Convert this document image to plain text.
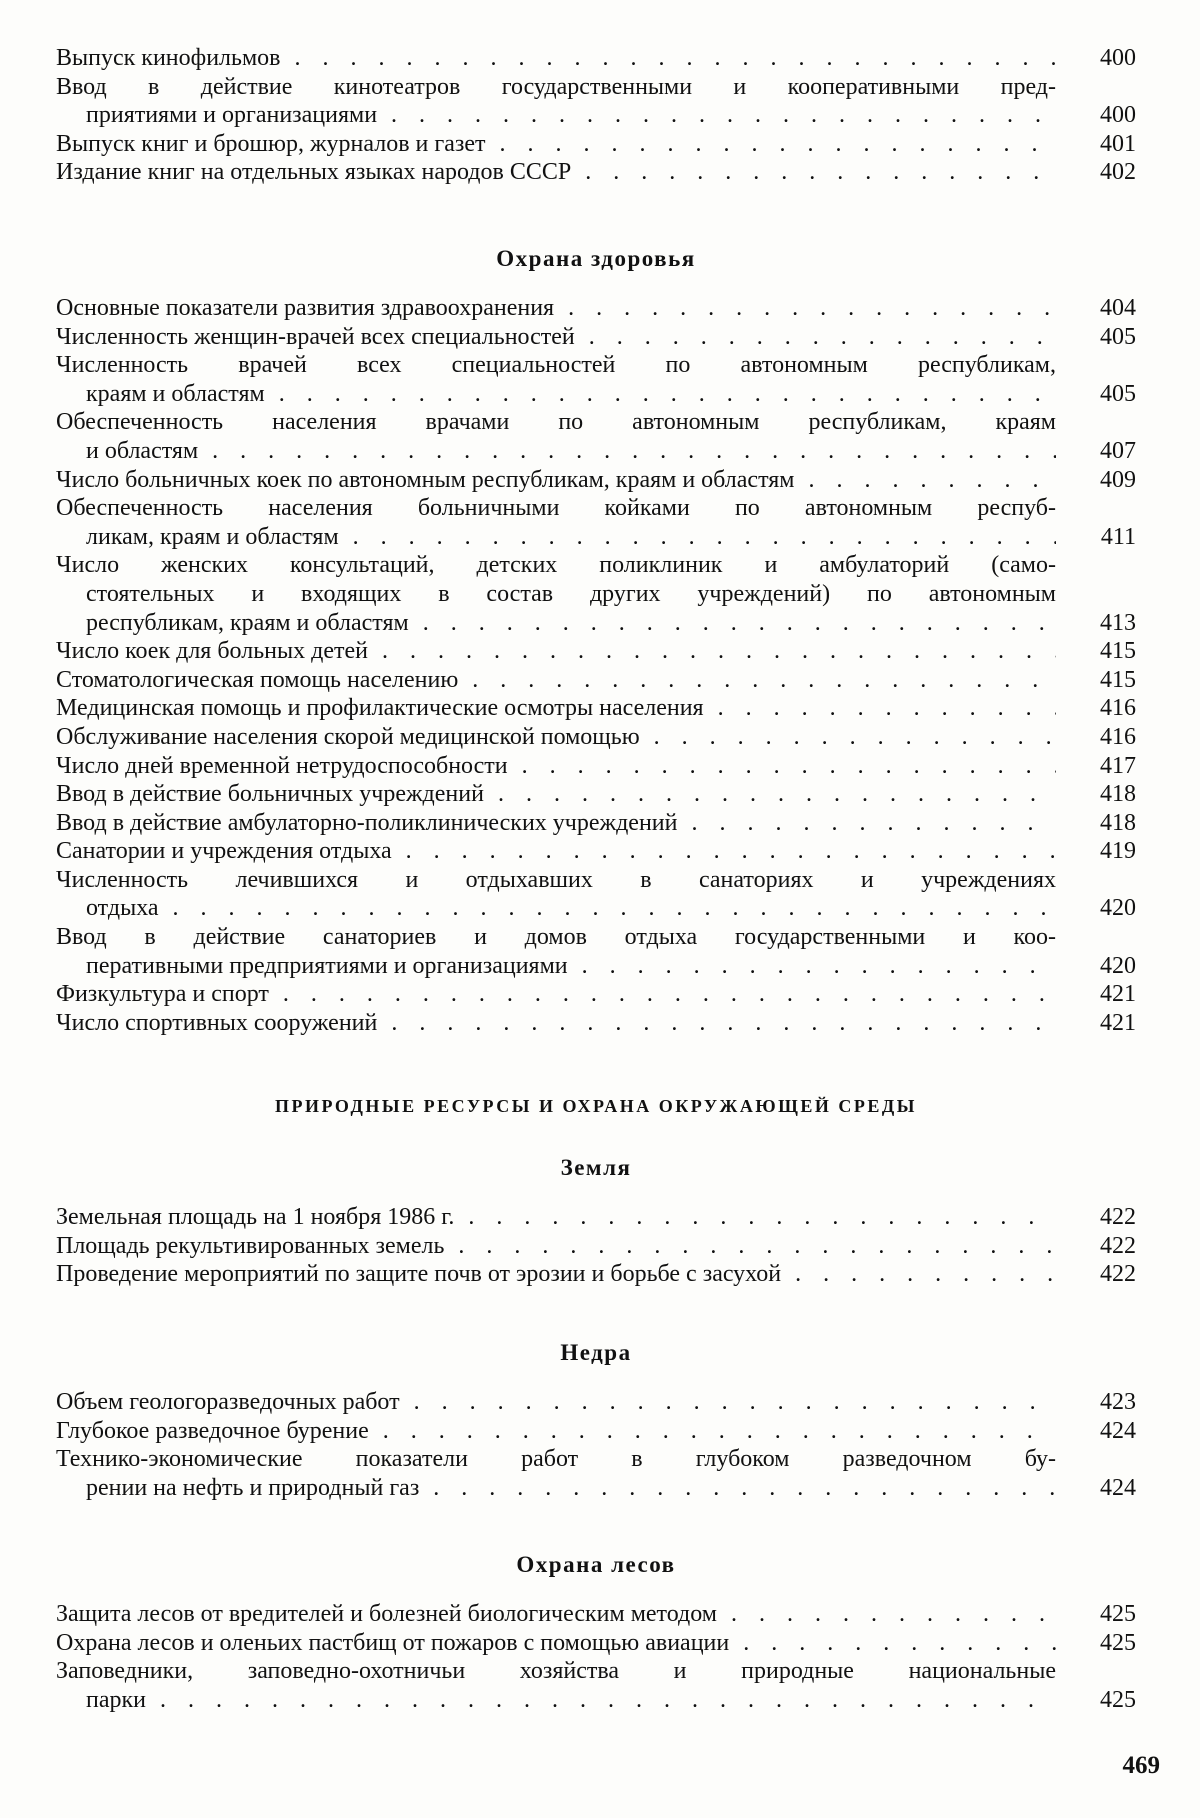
Выпуск кинофильмов . . .	400
Ввод в действие кинотеатров государственными и кооперативными пред-
приятиями и организациями . . .	400
Выпуск книг и брошюр, журналов и газет . . .	401
Издание книг на отдельных языках народов СССР . . .	402
Охрана здоровья
Основные показатели развития здравоохранения . . .	404
Численность женщин-врачей всех специальностей . . .	405
Численность врачей всех специальностей по автономным республикам,
краям и областям . . .	405
Обеспеченность населения врачами по автономным республикам, краям
и областям . . .	407
Число больничных коек по автономным республикам, краям и областям . . .	409
Обеспеченность населения больничными койками по автономным респуб-
ликам, краям и областям . . .	411
Число женских консультаций, детских поликлиник и амбулаторий (само-
стоятельных и входящих в состав других учреждений) по автономным
республикам, краям и областям . . .	413
Число коек для больных детей . . .	415
Стоматологическая помощь населению . . .	415
Медицинская помощь и профилактические осмотры населения . . .	416
Обслуживание населения скорой медицинской помощью . . .	416
Число дней временной нетрудоспособности . . .	417
Ввод в действие больничных учреждений . . .	418
Ввод в действие амбулаторно-поликлинических учреждений . . .	418
Санатории и учреждения отдыха . . .	419
Численность лечившихся и отдыхавших в санаториях и учреждениях
отдыха . . .	420
Ввод в действие санаториев и домов отдыха государственными и коо-
перативными предприятиями и организациями . . .	420
Физкультура и спорт . . .	421
Число спортивных сооружений . . .	421
ПРИРОДНЫЕ РЕСУРСЫ И ОХРАНА ОКРУЖАЮЩЕЙ СРЕДЫ
Земля
Земельная площадь на 1 ноября 1986 г. . . .	422
Площадь рекультивированных земель . . .	422
Проведение мероприятий по защите почв от эрозии и борьбе с засухой . . .	422
Недра
Объем геологоразведочных работ . . .	423
Глубокое разведочное бурение . . .	424
Технико-экономические показатели работ в глубоком разведочном бу-
рении на нефть и природный газ . . .	424
Охрана лесов
Защита лесов от вредителей и болезней биологическим методом . . .	425
Охрана лесов и оленьих пастбищ от пожаров с помощью авиации . . .	425
Заповедники, заповедно-охотничьи хозяйства и природные национальные
парки . . .	425
469
